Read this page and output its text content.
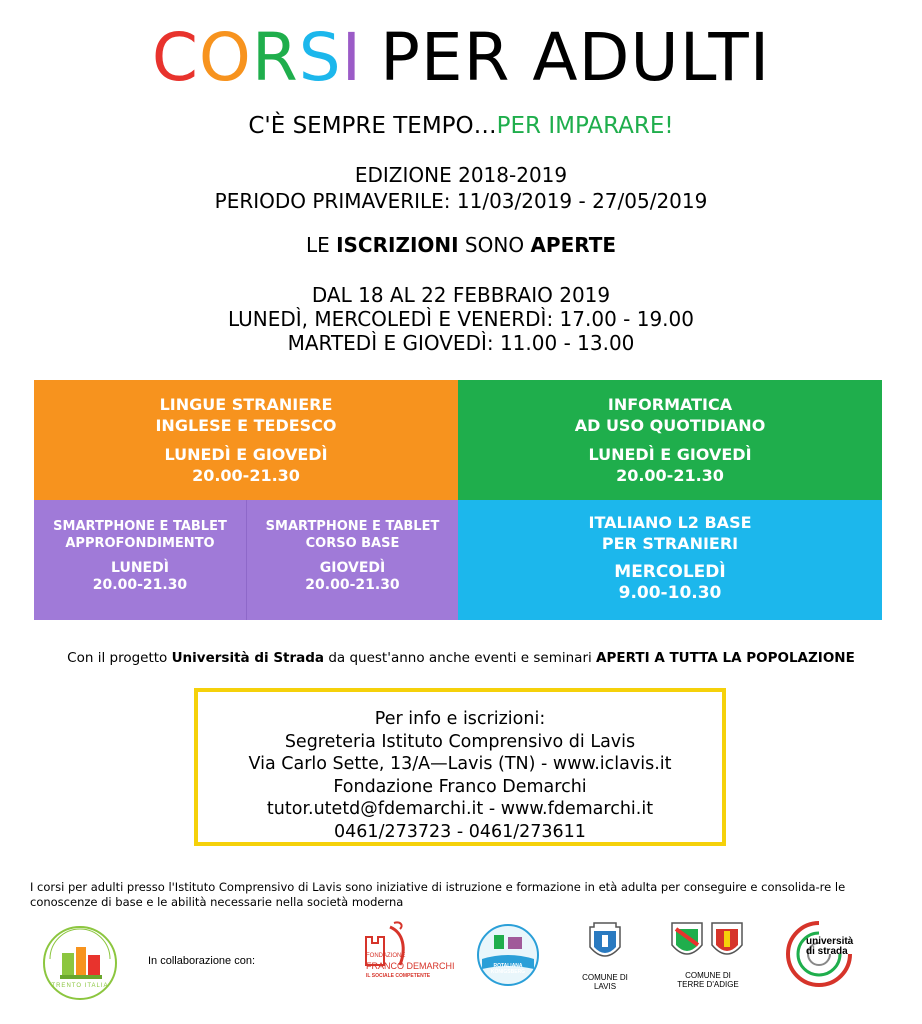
CORSI PER ADULTI
C'È SEMPRE TEMPO…PER IMPARARE!
EDIZIONE 2018-2019
PERIODO PRIMAVERILE: 11/03/2019 - 27/05/2019
LE ISCRIZIONI SONO APERTE
DAL 18 AL 22 FEBBRAIO 2019
LUNEDÌ, MERCOLEDÌ E VENERDÌ: 17.00 - 19.00
MARTEDÌ E GIOVEDÌ: 11.00 - 13.00
LINGUE STRANIERE
INGLESE E TEDESCO
LUNEDÌ E GIOVEDÌ
20.00-21.30
INFORMATICA
AD USO QUOTIDIANO
LUNEDÌ E GIOVEDÌ
20.00-21.30
SMARTPHONE E TABLET
APPROFONDIMENTO
LUNEDÌ
20.00-21.30
SMARTPHONE E TABLET
CORSO BASE
GIOVEDÌ
20.00-21.30
ITALIANO L2 BASE
PER STRANIERI
MERCOLEDÌ
9.00-10.30
Con il progetto Università di Strada da quest'anno anche eventi e seminari APERTI A TUTTA LA POPOLAZIONE
Per info e iscrizioni:
Segreteria Istituto Comprensivo di Lavis
Via Carlo Sette, 13/A—Lavis (TN) - www.iclavis.it
Fondazione Franco Demarchi
tutor.utetd@fdemarchi.it - www.fdemarchi.it
0461/273723 - 0461/273611
I corsi per adulti presso l'Istituto Comprensivo di Lavis sono iniziative di istruzione e formazione in età adulta per conseguire e consolida-re le conoscenze di base e le abilità necessarie nella società moderna
TRENTO ITALIA
In collaborazione con:	FONDAZIONE
FRANCO DEMARCHI
IL SOCIALE COMPETENTE
ROTALIANA KÖNIGSBERG
COMUNE DI LAVIS
COMUNE DI
TERRE D'ADIGE
università
di strada
